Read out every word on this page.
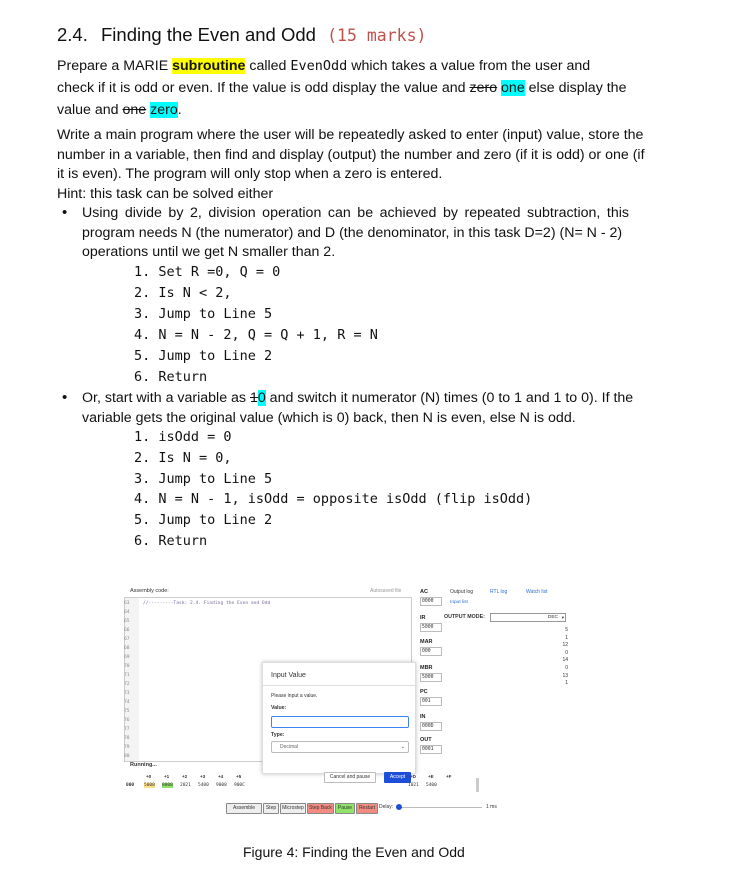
2.4. Finding the Even and Odd (15 marks)
Prepare a MARIE subroutine called EvenOdd which takes a value from the user and
check if it is odd or even. If the value is odd display the value and zero one else display the
value and one zero.
Write a main program where the user will be repeatedly asked to enter (input) value, store the
number in a variable, then find and display (output) the number and zero (if it is odd) or one (if
it is even). The program will only stop when a zero is entered.
Hint: this task can be solved either
• Using divide by 2, division operation can be achieved by repeated subtraction, this
program needs N (the numerator) and D (the denominator, in this task D=2) (N= N - 2)
operations until we get N smaller than 2.
1. Set R =0, Q = 0
2. Is N < 2,
3. Jump to Line 5
4. N = N - 2, Q = Q + 1, R = N
5. Jump to Line 2
6. Return
• Or, start with a variable as 10 and switch it numerator (N) times (0 to 1 and 1 to 0). If the
variable gets the original value (which is 0) back, then N is even, else N is odd.
1. isOdd = 0
2. Is N = 0,
3. Jump to Line 5
4. N = N - 1, isOdd = opposite isOdd (flip isOdd)
5. Jump to Line 2
6. Return
Assembly code:	Autosaved file
//---------Task: 2.4. Finding the Even and Odd
63
64
65
66
67
68
69
70
71
72
73
74
75
76
77
78
79
80
Running...
AC
0000
IR
5000
MAR
000
MBR
5000
PC
001
IN
000D
OUT
0001
Output log	RTL log	Watch list
Input list
OUTPUT MODE:	DEC ▾
5
1
12
0
14
0
13
1
Input Value
Please input a value.
Value:
Type:
Decimal	⌄
Cancel and pause	Accept
+0	+1	+2	+3	+4	+5	+D	+E	+F
000 5000 8000 2021 5400 9008 900C	1021 5400
Assemble	Step	Microstep	Step Back	Pause	Restart Delay:	1 ms
Figure 4: Finding the Even and Odd
